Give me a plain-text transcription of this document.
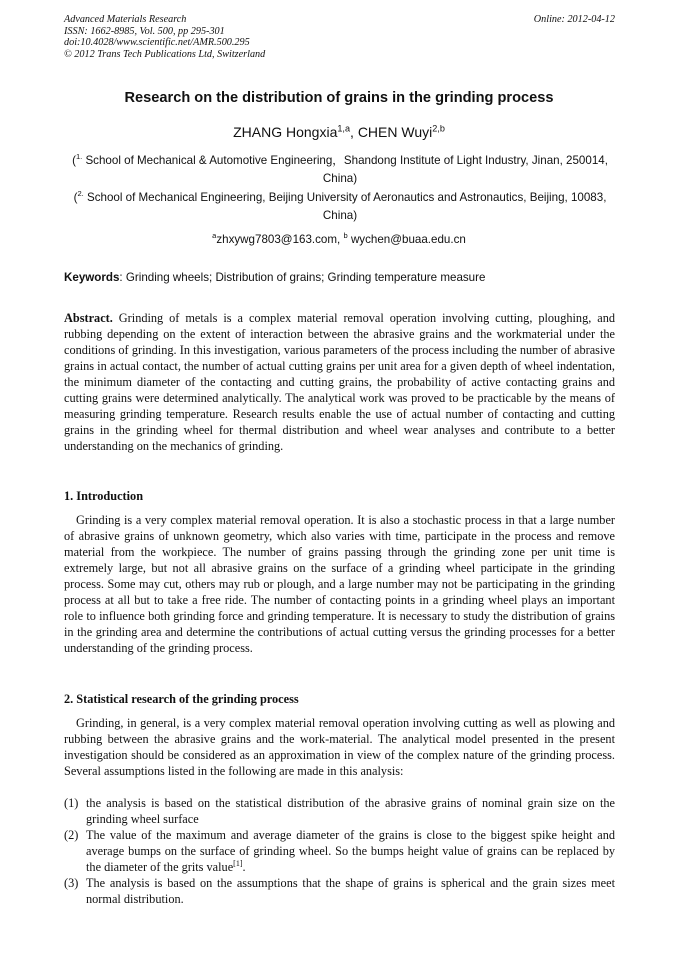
Advanced Materials Research
ISSN: 1662-8985, Vol. 500, pp 295-301
doi:10.4028/www.scientific.net/AMR.500.295
© 2012 Trans Tech Publications Ltd, Switzerland
Online: 2012-04-12
Research on the distribution of grains in the grinding process
ZHANG Hongxia$^{1,a}$, CHEN Wuyi$^{2,b}$
($^{1.}$ School of Mechanical & Automotive Engineering，Shandong Institute of Light Industry, Jinan, 250014, China)
($^{2.}$ School of Mechanical Engineering, Beijing University of Aeronautics and Astronautics, Beijing, 10083, China)
$^a$zhxywg7803@163.com, $^b$ wychen@buaa.edu.cn
Keywords: Grinding wheels; Distribution of grains; Grinding temperature measure
Abstract. Grinding of metals is a complex material removal operation involving cutting, ploughing, and rubbing depending on the extent of interaction between the abrasive grains and the workmaterial under the conditions of grinding. In this investigation, various parameters of the process including the number of abrasive grains in actual contact, the number of actual cutting grains per unit area for a given depth of wheel indentation, the minimum diameter of the contacting and cutting grains, the probability of active contacting grains and cutting grains were determined analytically. The analytical work was proved to be practicable by the means of measuring grinding temperature. Research results enable the use of actual number of contacting and cutting grains in the grinding wheel for thermal distribution and wheel wear analyses and contribute to a better understanding on the mechanics of grinding.
1. Introduction
Grinding is a very complex material removal operation. It is also a stochastic process in that a large number of abrasive grains of unknown geometry, which also varies with time, participate in the process and remove material from the workpiece. The number of grains passing through the grinding zone per unit time is extremely large, but not all abrasive grains on the surface of a grinding wheel participate in the grinding process. Some may cut, others may rub or plough, and a large number may not be participating in the grinding process at all but to take a free ride. The number of contacting points in a grinding wheel plays an important role to influence both grinding force and grinding temperature. It is necessary to study the distribution of grains in the grinding area and determine the contributions of actual cutting versus the grinding processes for a better understanding of the grinding process.
2. Statistical research of the grinding process
Grinding, in general, is a very complex material removal operation involving cutting as well as plowing and rubbing between the abrasive grains and the work-material. The analytical model presented in the present investigation should be considered as an approximation in view of the complex nature of the grinding process. Several assumptions listed in the following are made in this analysis:
(1) the analysis is based on the statistical distribution of the abrasive grains of nominal grain size on the grinding wheel surface
(2) The value of the maximum and average diameter of the grains is close to the biggest spike height and average bumps on the surface of grinding wheel. So the bumps height value of grains can be replaced by the diameter of the grits value[1].
(3) The analysis is based on the assumptions that the shape of grains is spherical and the grain sizes meet normal distribution.
